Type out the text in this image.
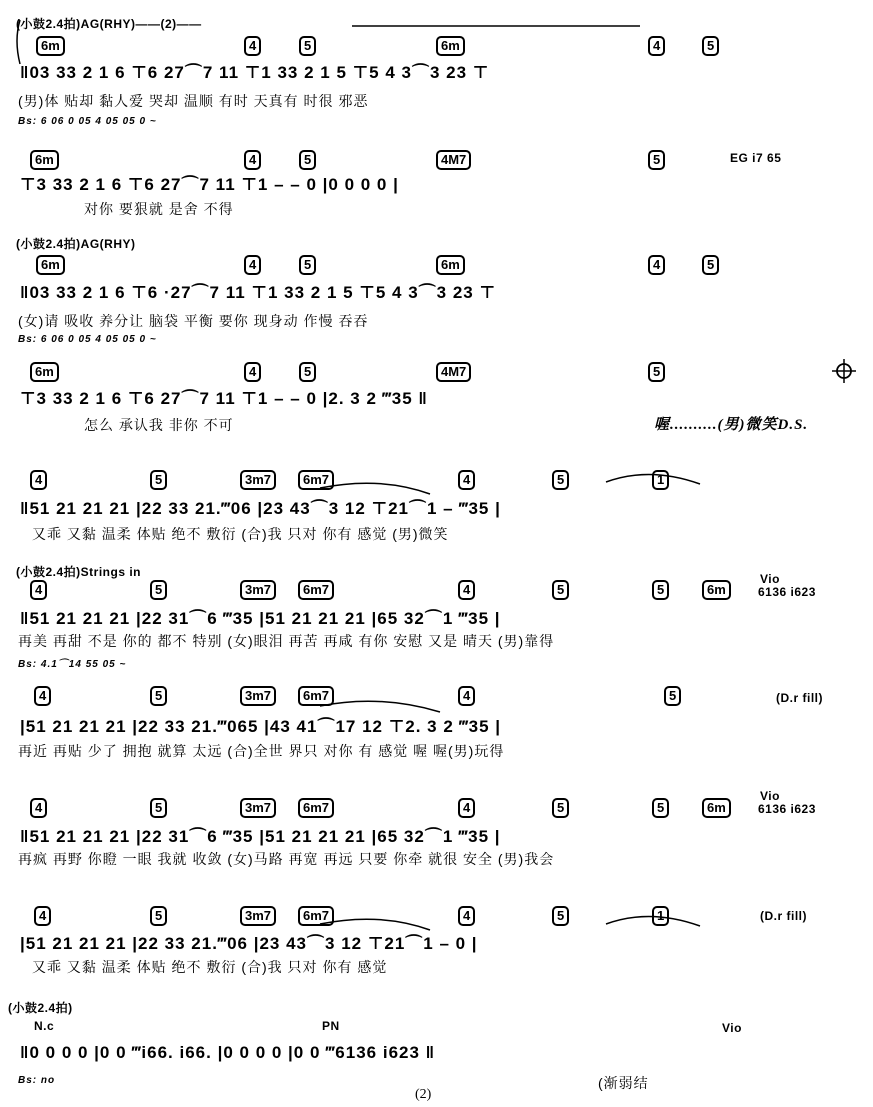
(小鼓2.4拍)AG(RHY)——(2)——
6m	4	5	6m	4	5
‖03 33 2 1 6 ⊤6 27⌒7 11 ⊤1 33 2 1 5 ⊤5 4 3⌒3 23 ⊤
(男)体 贴却 黏人爱 哭却 温顺 有时 天真有 时很 邪恶
Bs: 6 06 0 05 4 05 05 0 ~
6m	4	5	4M7	5	EG i7 65
⊤3 33 2 1 6 ⊤6 27⌒7 11 ⊤1 – – 0 |0 0 0 0 |
对你 要狠就 是舍 不得
(小鼓2.4拍)AG(RHY)
6m	4	5	6m	4	5
‖03 33 2 1 6 ⊤6 ·27⌒7 11 ⊤1 33 2 1 5 ⊤5 4 3⌒3 23 ⊤
(女)请 吸收 养分让 脑袋 平衡 要你 现身动 作慢 吞吞
Bs: 6 06 0 05 4 05 05 0 ~
6m	4	5	4M7	5
⊤3 33 2 1 6 ⊤6 27⌒7 11 ⊤1 – – 0 |2. 3 2 ‴35 ‖
怎么 承认我 非你 不可	喔..........(男)微笑D.S.
4	5	3m7	6m7	4	5	1
‖51 21 21 21 |22 33 21.‴06 |23 43⌒3 12 ⊤21⌒1 – ‴35 |
又乖 又黏 温柔 体贴 绝不 敷衍 (合)我 只对 你有 感觉 (男)微笑
(小鼓2.4拍)Strings in
4	5	3m7	6m7	4	5	5	6m
Vio
6136 i623
‖51 21 21 21 |22 31⌒6 ‴35 |51 21 21 21 |65 32⌒1 ‴35 |
再美 再甜 不是 你的 都不 特别 (女)眼泪 再苦 再咸 有你 安慰 又是 晴天 (男)靠得
Bs: 4.1⌒14 55 05 ~
4	5	3m7	6m7	4	5	(D.r fill)
|51 21 21 21 |22 33 21.‴065 |43 41⌒17 12 ⊤2. 3 2 ‴35 |
再近 再贴 少了 拥抱 就算 太远 (合)全世 界只 对你 有 感觉 喔 喔(男)玩得
4	5	3m7	6m7	4	5	5	6m
Vio
6136 i623
‖51 21 21 21 |22 31⌒6 ‴35 |51 21 21 21 |65 32⌒1 ‴35 |
再疯 再野 你瞪 一眼 我就 收敛 (女)马路 再宽 再远 只要 你牵 就很 安全 (男)我会
4	5	3m7	6m7	4	5	1	(D.r fill)
|51 21 21 21 |22 33 21.‴06 |23 43⌒3 12 ⊤21⌒1 – 0 |
又乖 又黏 温柔 体贴 绝不 敷衍 (合)我 只对 你有 感觉
(小鼓2.4拍)
N.c	PN	Vio
‖0 0 0 0 |0 0 ‴i66. i66. |0 0 0 0 |0 0 ‴6136 i623 ‖
Bs: no	(渐弱结
(2)
